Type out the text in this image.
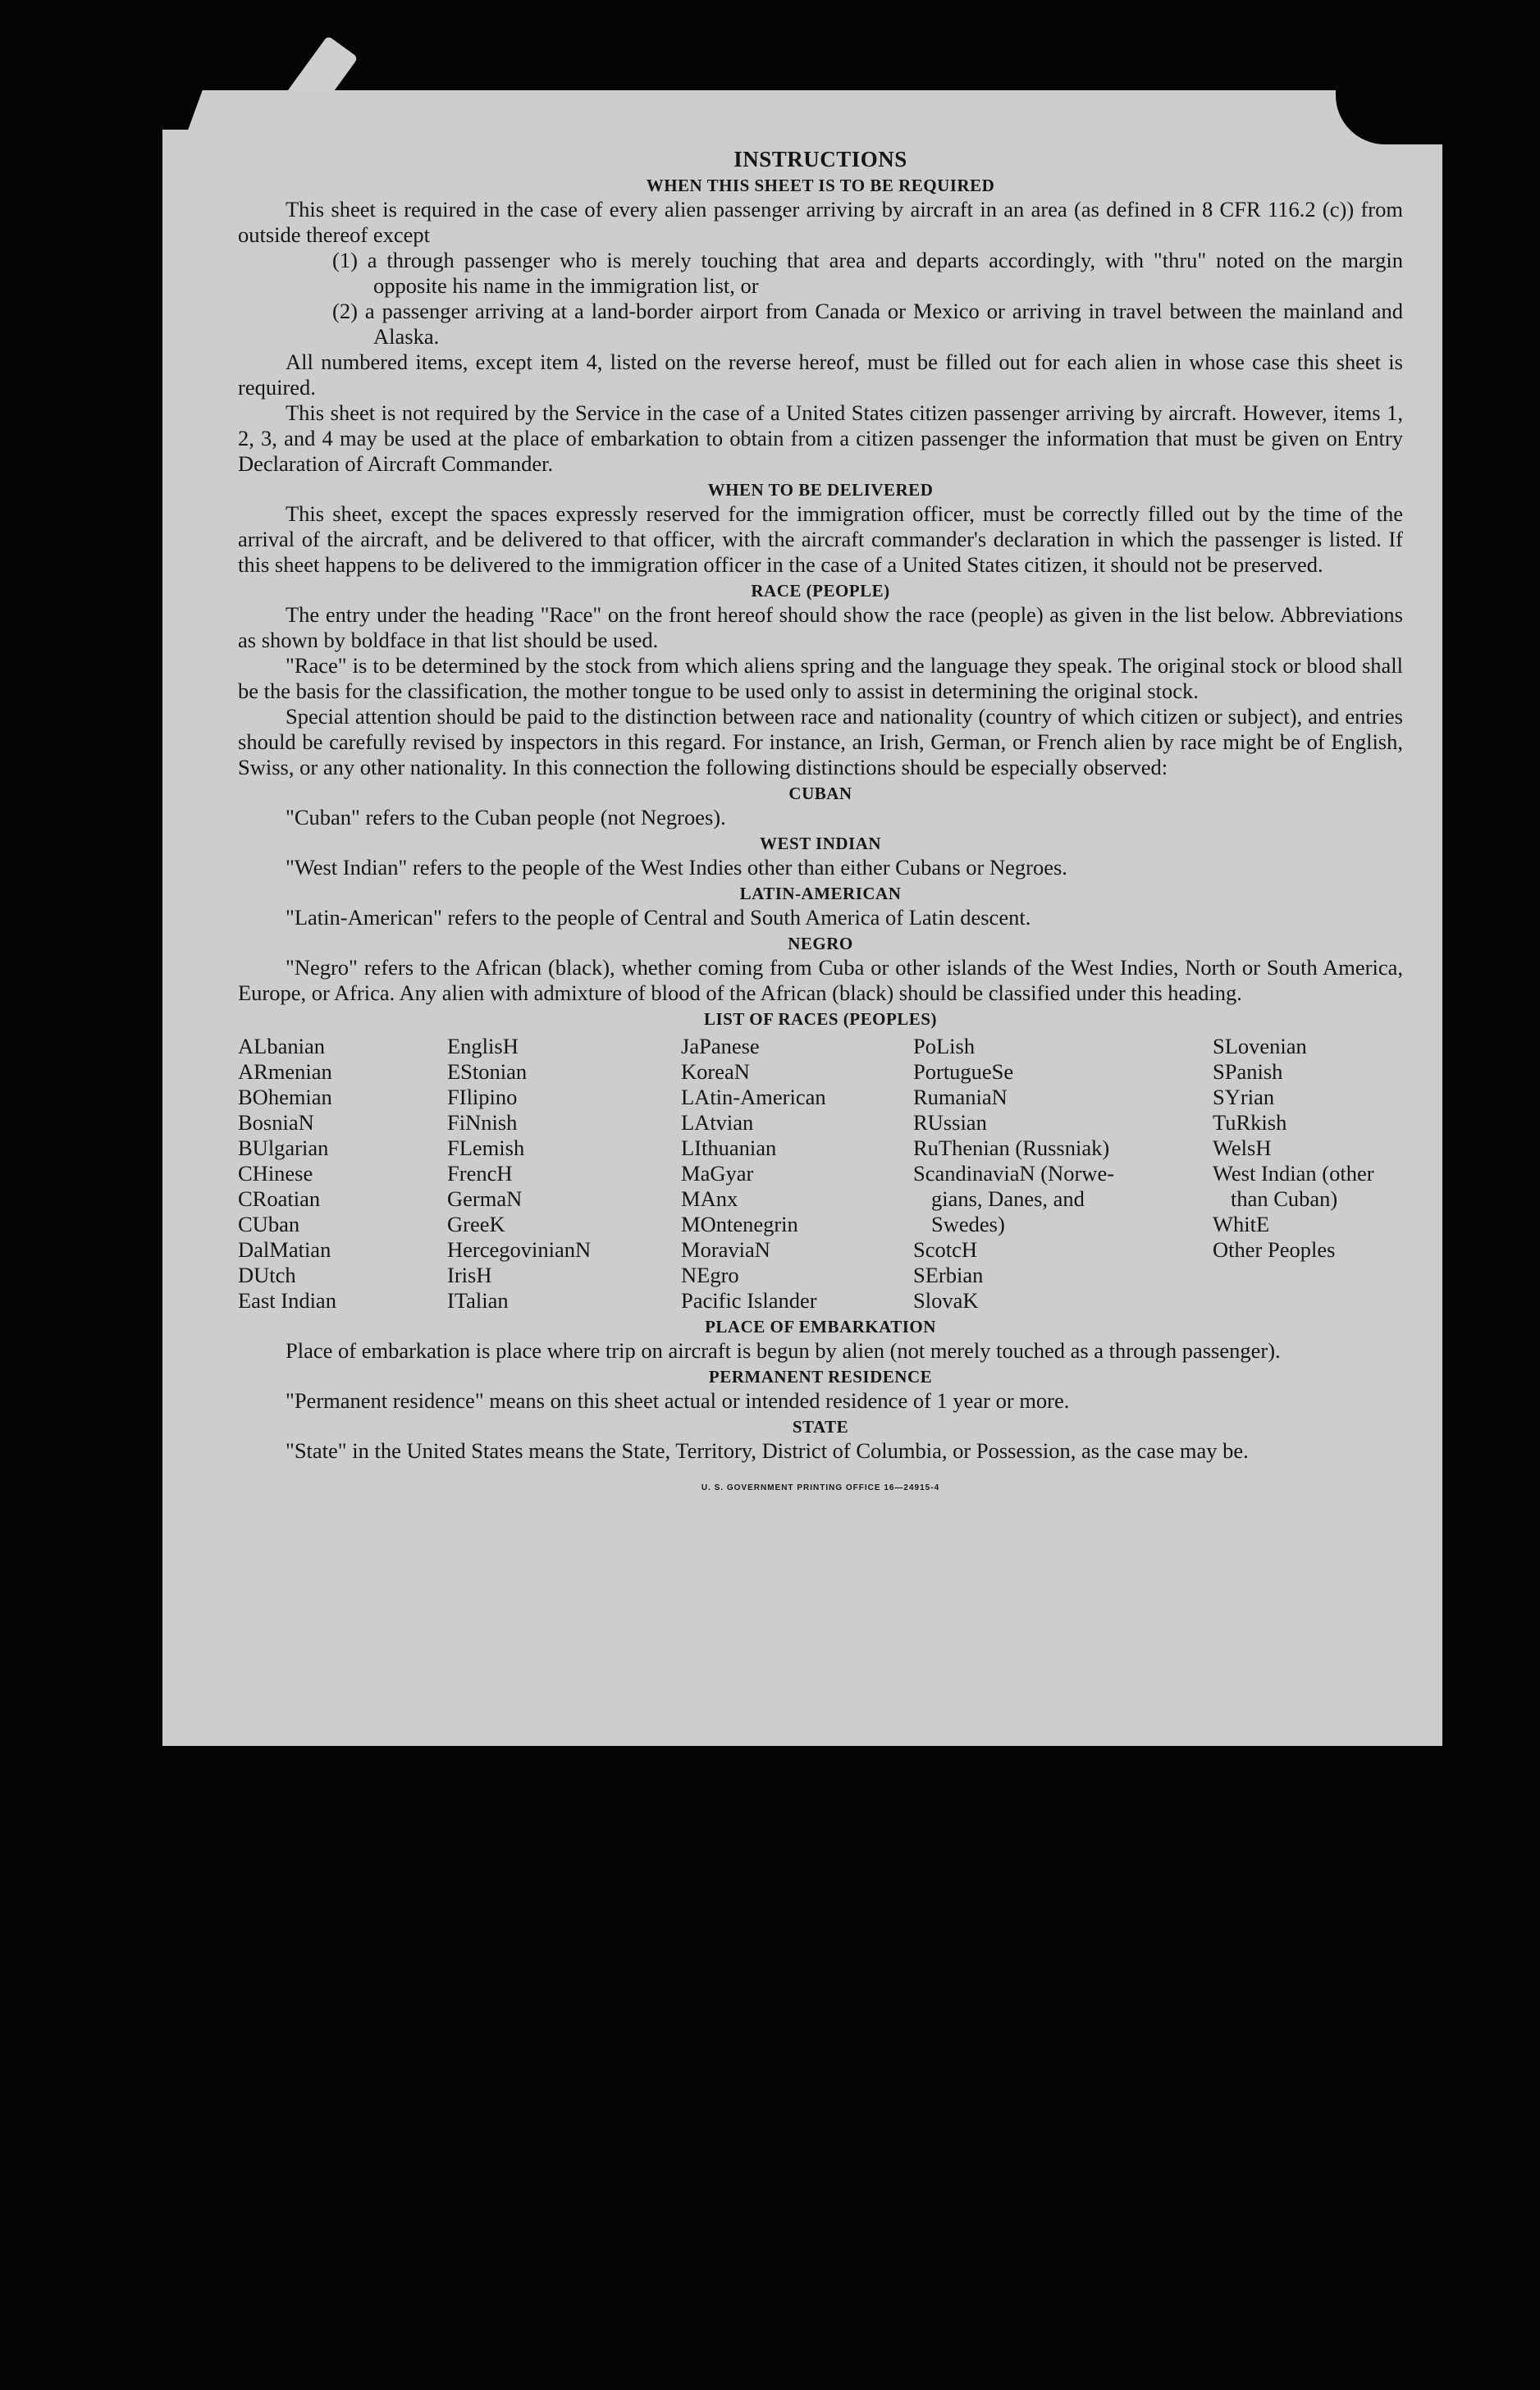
INSTRUCTIONS
WHEN THIS SHEET IS TO BE REQUIRED

This sheet is required in the case of every alien passenger arriving by aircraft in an area (as defined in 8 CFR 116.2 (c)) from outside thereof except

(1) a through passenger who is merely touching that area and departs accordingly, with "thru" noted on the margin opposite his name in the immigration list, or
(2) a passenger arriving at a land-border airport from Canada or Mexico or arriving in travel between the mainland and Alaska.

All numbered items, except item 4, listed on the reverse hereof, must be filled out for each alien in whose case this sheet is required.

This sheet is not required by the Service in the case of a United States citizen passenger arriving by aircraft. However, items 1, 2, 3, and 4 may be used at the place of embarkation to obtain from a citizen passenger the information that must be given on Entry Declaration of Aircraft Commander.

WHEN TO BE DELIVERED

This sheet, except the spaces expressly reserved for the immigration officer, must be correctly filled out by the time of the arrival of the aircraft, and be delivered to that officer, with the aircraft commander's declaration in which the passenger is listed. If this sheet happens to be delivered to the immigration officer in the case of a United States citizen, it should not be preserved.

RACE (PEOPLE)

The entry under the heading "Race" on the front hereof should show the race (people) as given in the list below. Abbreviations as shown by boldface in that list should be used.

"Race" is to be determined by the stock from which aliens spring and the language they speak. The original stock or blood shall be the basis for the classification, the mother tongue to be used only to assist in determining the original stock.

Special attention should be paid to the distinction between race and nationality (country of which citizen or subject), and entries should be carefully revised by inspectors in this regard. For instance, an Irish, German, or French alien by race might be of English, Swiss, or any other nationality. In this connection the following distinctions should be especially observed:

CUBAN

"Cuban" refers to the Cuban people (not Negroes).

WEST INDIAN

"West Indian" refers to the people of the West Indies other than either Cubans or Negroes.

LATIN-AMERICAN

"Latin-American" refers to the people of Central and South America of Latin descent.

NEGRO

"Negro" refers to the African (black), whether coming from Cuba or other islands of the West Indies, North or South America, Europe, or Africa. Any alien with admixture of blood of the African (black) should be classified under this heading.

LIST OF RACES (PEOPLES)
ALbanian
ARmenian
BOhemian
BosniaN
BUlgarian
CHinese
CRoatian
CUban
DalMatian
DUtch
East Indian
EnglisH
EStonian
FIlipino
FiNnish
FLemish
FrencH
GermaN
GreeK
HercegovinianN
IrisH
ITalian
JaPanese
KoreaN
LAtin-American
LAtvian
LIthuanian
MaGyar
MAnx
MOntenegrin
MoraviaN
NEgro
Pacific Islander
PoLish
PortugueSe
RumaniaN
RUssian
RuThenian (Russniak)
ScandinaviaN (Norwe-
gians, Danes, and
Swedes)
ScotcH
SErbian
SlovaK
SLovenian
SPanish
SYrian
TuRkish
WelsH
West Indian (other
than Cuban)
WhitE
Other Peoples
PLACE OF EMBARKATION

Place of embarkation is place where trip on aircraft is begun by alien (not merely touched as a through passenger).

PERMANENT RESIDENCE

"Permanent residence" means on this sheet actual or intended residence of 1 year or more.

STATE

"State" in the United States means the State, Territory, District of Columbia, or Possession, as the case may be.

U. S. GOVERNMENT PRINTING OFFICE 16—24915-4
